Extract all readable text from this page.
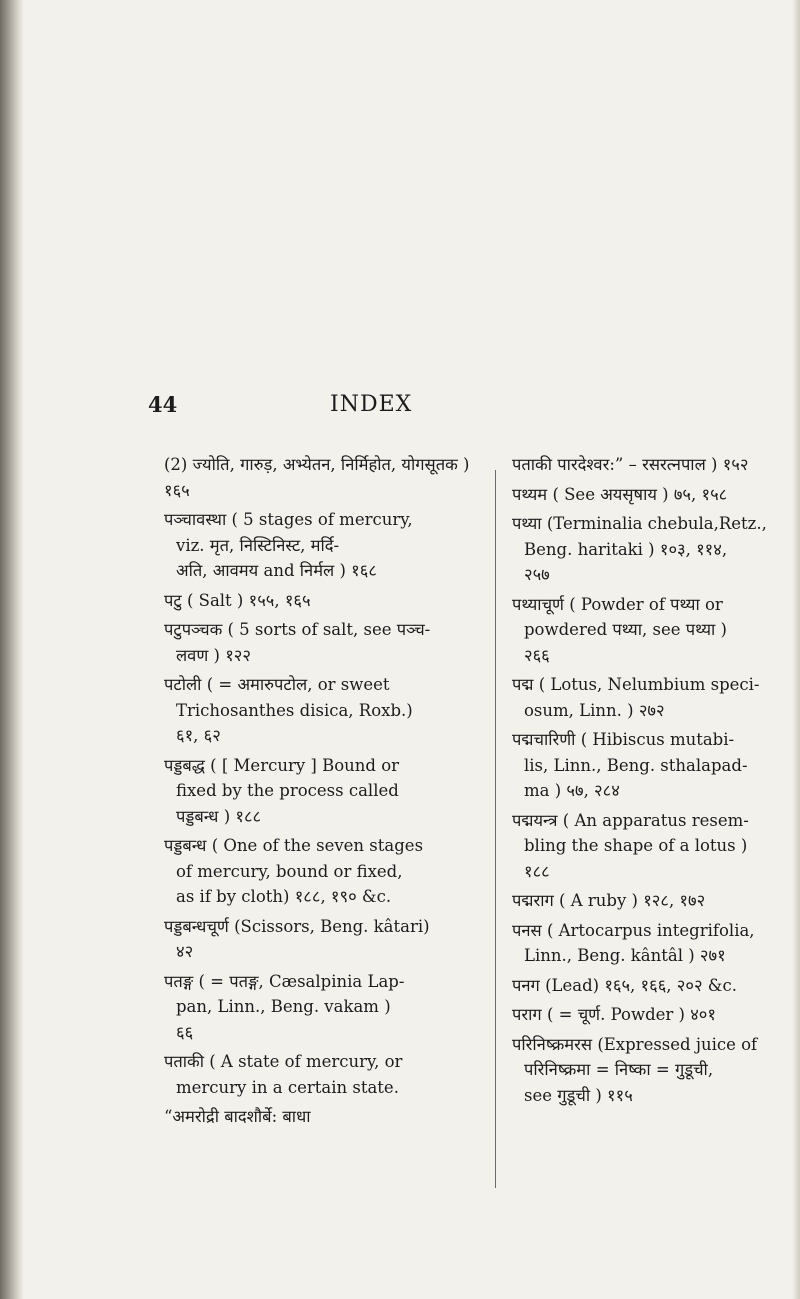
44	INDEX
(2) ज्योति, गारुड़, अभ्येतन, निर्मिहोत, योगसूतक ) १६५
पञ्चावस्था ( 5 stages of mercury,
viz. मृत, निस्टिनिस्ट, मर्दि-
अति, आवमय and निर्मल ) १६८
पटु ( Salt ) १५५, १६५
पटुपञ्चक ( 5 sorts of salt, see पञ्च-
लवण ) १२२
पटोली ( = अमारुपटोल, or sweet
Trichosanthes disica, Roxb.)
६१, ६२
पड्डबद्ध ( [ Mercury ] Bound or
fixed by the process called
पड्डबन्ध ) १८८
पड्डबन्ध ( One of the seven stages
of mercury, bound or fixed,
as if by cloth) १८८, १९० &c.
पड्डबन्धचूर्ण (Scissors, Beng. kâtari)
४२
पतङ्ग ( = पतङ्ग, Cæsalpinia Lap-
pan, Linn., Beng. vakam )
६६
पताकी ( A state of mercury, or
mercury in a certain state.
“अमरोद्री बादशौर्बे: बाधा
पताकी पारदेश्वर:” – रसरत्नपाल ) १५२
पथ्यम ( See अयसृषाय ) ७५, १५८
पथ्या (Terminalia chebula,Retz.,
Beng. haritaki ) १०३, ११४,
२५७
पथ्याचूर्ण ( Powder of पथ्या or
powdered पथ्या, see पथ्या )
२६६
पद्म ( Lotus, Nelumbium speci-
osum, Linn. ) २७२
पद्मचारिणी ( Hibiscus mutabi-
lis, Linn., Beng. sthalapad-
ma ) ५७, २८४
पद्मयन्त्र ( An apparatus resem-
bling the shape of a lotus )
१८८
पद्मराग ( A ruby ) १२८, १७२
पनस ( Artocarpus integrifolia,
Linn., Beng. kântâl ) २७१
पनग (Lead) १६५, १६६, २०२ &c.
पराग ( = चूर्ण. Powder ) ४०१
परिनिष्क्रमरस (Expressed juice of
परिनिष्क्रमा = निष्का = गुडूची,
see गुडूची ) ११५
